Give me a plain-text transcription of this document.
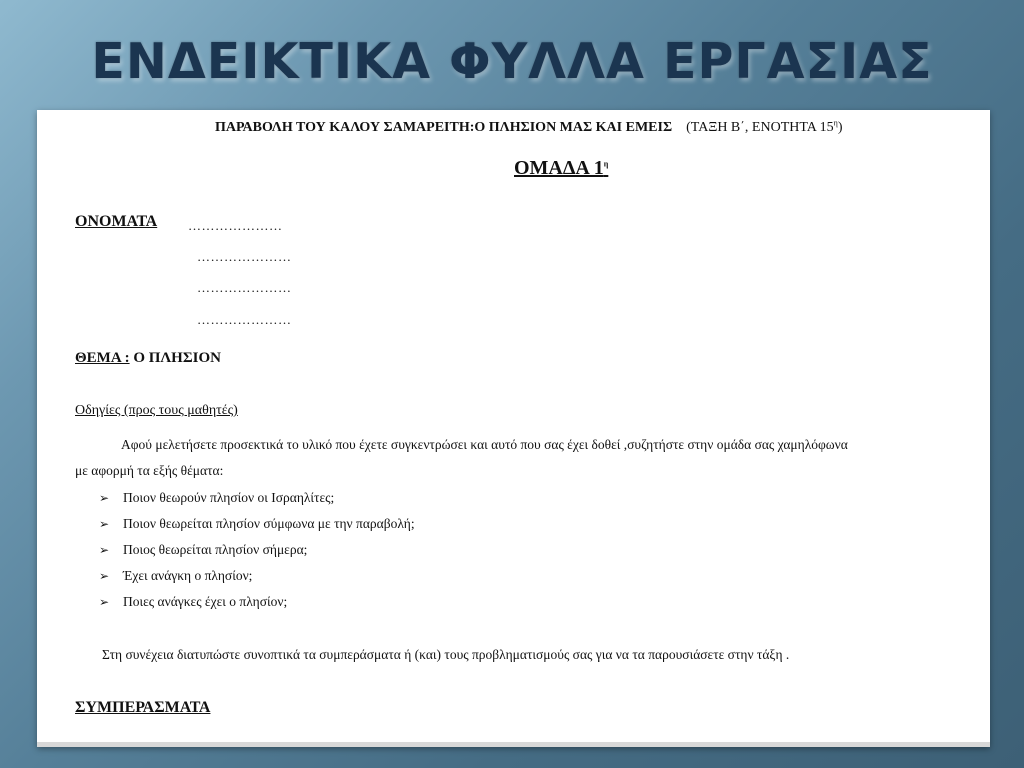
ΕΝΔΕΙΚΤΙΚΑ ΦΥΛΛΑ ΕΡΓΑΣΙΑΣ
ΠΑΡΑΒΟΛΗ ΤΟΥ ΚΑΛΟΥ ΣΑΜΑΡΕΙΤΗ:Ο ΠΛΗΣΙΟΝ ΜΑΣ ΚΑΙ ΕΜΕΙΣ (ΤΑΞΗ Β΄, ΕΝΟΤΗΤΑ $15^\eta$)
ΟΜΑΔΑ $1^\eta$
ΟΝΟΜΑΤΑ …………………
…………………
…………………
…………………
ΘΕΜΑ : Ο ΠΛΗΣΙΟΝ
Οδηγίες (προς τους μαθητές)
Αφού μελετήσετε προσεκτικά το υλικό που έχετε συγκεντρώσει και αυτό που σας έχει δοθεί ,συζητήστε στην ομάδα σας χαμηλόφωνα
με αφορμή τα εξής θέματα:
➢ Ποιον θεωρούν πλησίον οι Ισραηλίτες;
➢ Ποιον θεωρείται πλησίον σύμφωνα με την παραβολή;
➢ Ποιος θεωρείται πλησίον σήμερα;
➢ Έχει ανάγκη ο πλησίον;
➢ Ποιες ανάγκες έχει ο πλησίον;
Στη συνέχεια διατυπώστε συνοπτικά τα συμπεράσματα ή (και) τους προβληματισμούς σας για να τα παρουσιάσετε στην τάξη .
ΣΥΜΠΕΡΑΣΜΑΤΑ
